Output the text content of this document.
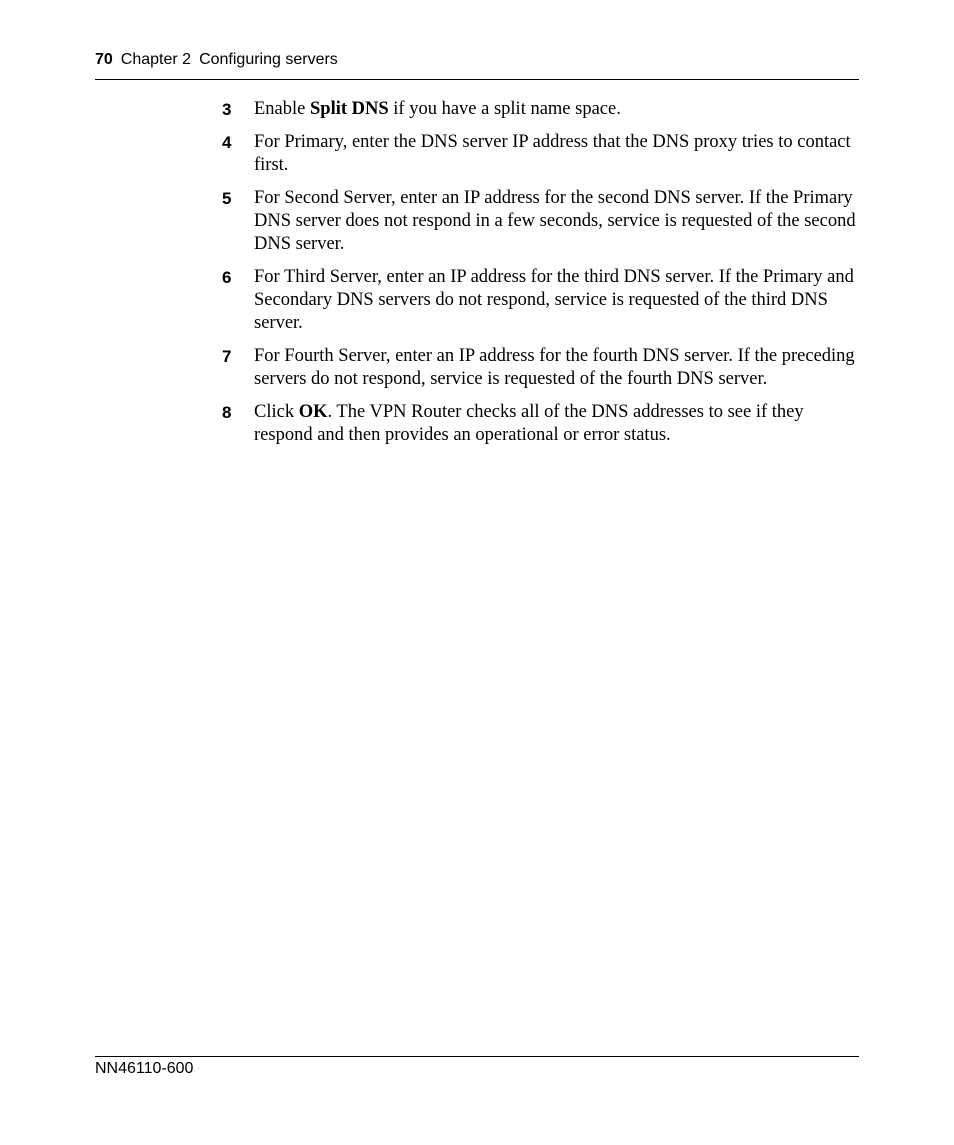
70 Chapter 2 Configuring servers
3 Enable Split DNS if you have a split name space.
4 For Primary, enter the DNS server IP address that the DNS proxy tries to contact first.
5 For Second Server, enter an IP address for the second DNS server. If the Primary DNS server does not respond in a few seconds, service is requested of the second DNS server.
6 For Third Server, enter an IP address for the third DNS server. If the Primary and Secondary DNS servers do not respond, service is requested of the third DNS server.
7 For Fourth Server, enter an IP address for the fourth DNS server. If the preceding servers do not respond, service is requested of the fourth DNS server.
8 Click OK. The VPN Router checks all of the DNS addresses to see if they respond and then provides an operational or error status.
NN46110-600
